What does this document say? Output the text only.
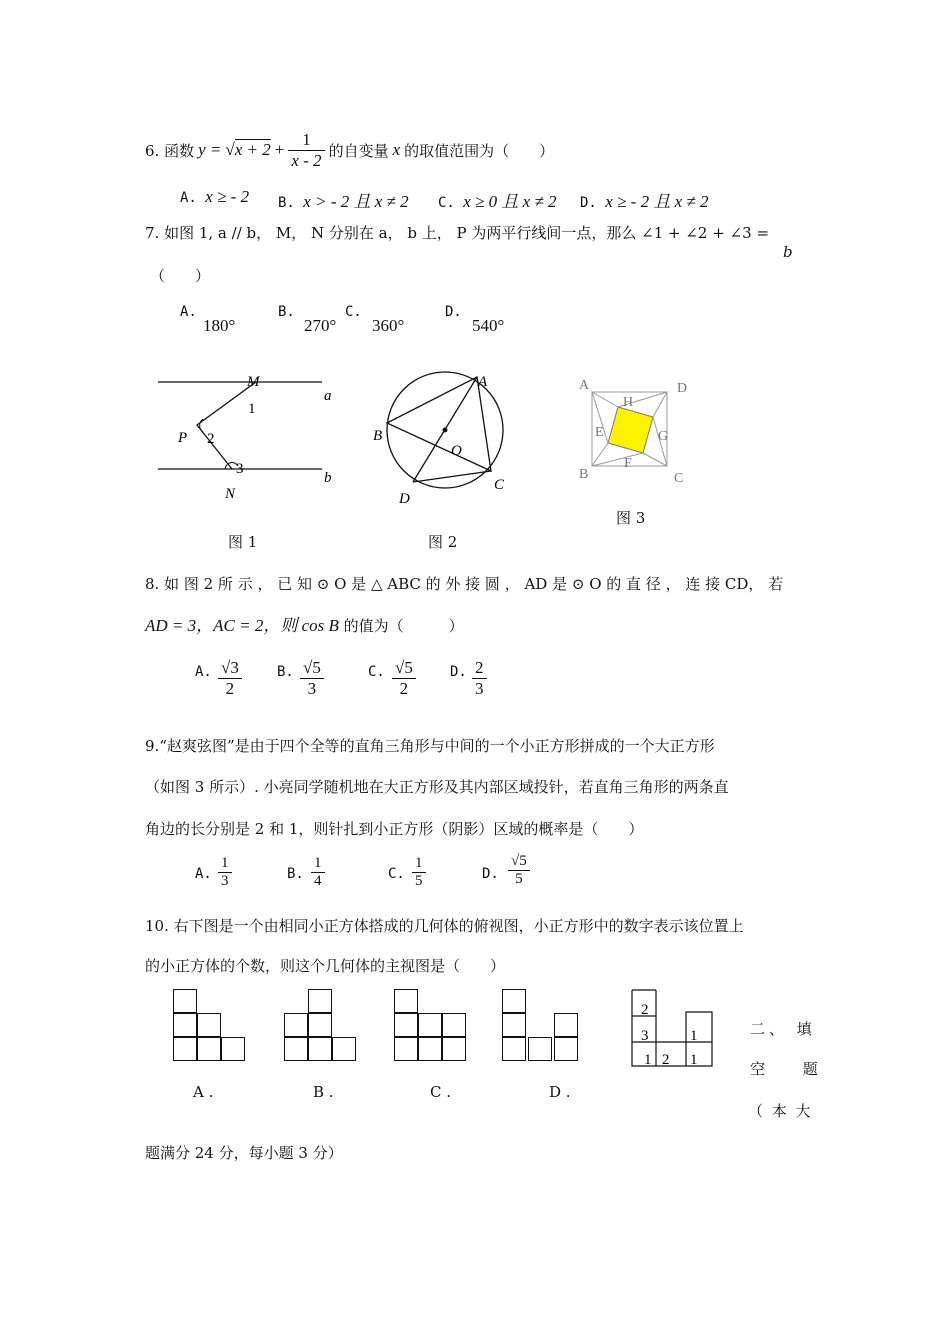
6. 函数 $y = √x + 2 + \frac{1}{x - 2}$ 的自变量 x 的取值范围为（　　）
A. x ≥ - 2 B. x > - 2 且 x ≠ 2 C. x ≥ 0 且 x ≠ 2 D. x ≥ - 2 且 x ≠ 2
7. 如图 1, a // b， M， N 分别在 a， b 上， P 为两平行线间一点，那么 ∠1 + ∠2 + ∠3 =
b
（　　）
A.
180°
B.
270°
C.
360°
D.
540°
M
1
a
P 2
3
b
N
图 1
A
B
O
C
D
图 2
A	D
H
E	G
F
B	C
图 3
8. 如 图 2 所 示 ， 已 知 ⊙ O 是 △ ABC 的 外 接 圆 ， AD 是 ⊙ O 的 直 径 ， 连 接 CD， 若
AD = 3，AC = 2，则 cos B 的值为（　　　）
A. $\frac{√3}{2}$	B. $\frac{√5}{3}$	C. $\frac{√5}{2} D$. $\frac{2}{3}$
9.“赵爽弦图”是由于四个全等的直角三角形与中间的一个小正方形拼成的一个大正方形
（如图 3 所示）. 小亮同学随机地在大正方形及其内部区域投针，若直角三角形的两条直
角边的长分别是 2 和 1，则针扎到小正方形（阴影）区域的概率是（　　）
A. $\frac{1}{3}$	B. $\frac{1}{4}$	C. $\frac{1}{5}$	D. $\frac{√5}{5}$
10. 右下图是一个由相同小正方体搭成的几何体的俯视图，小正方形中的数字表示该位置上
的小正方体的个数，则这个几何体的主视图是（　　）
A .	B .	C .	D .
2
3	1
1 2 1
二、 填
空　 题
（ 本 大
题满分 24 分，每小题 3 分）
